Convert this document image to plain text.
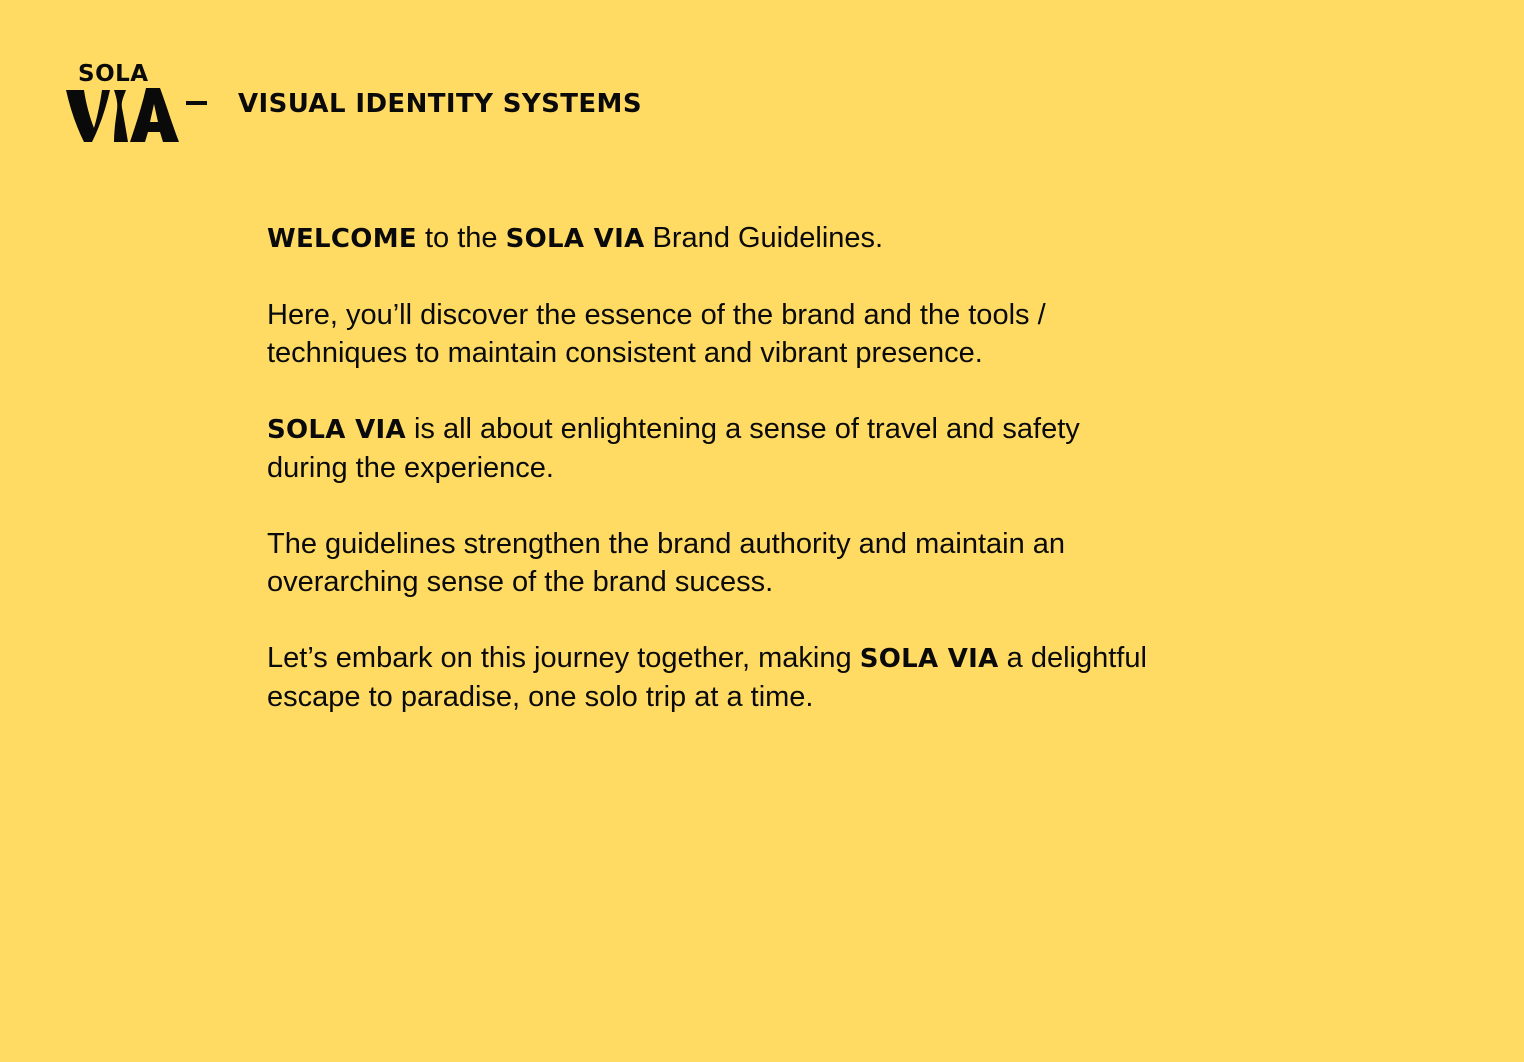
SOLA
VISUAL IDENTITY SYSTEMS

WELCOME to the SOLA VIA Brand Guidelines.

Here, you’ll discover the essence of the brand and the tools / techniques to maintain consistent and vibrant presence.

SOLA VIA is all about enlightening a sense of travel and safety during the experience.

The guidelines strengthen the brand authority and maintain an overarching sense of the brand sucess.

Let’s embark on this journey together, making SOLA VIA a delightful escape to paradise, one solo trip at a time.
